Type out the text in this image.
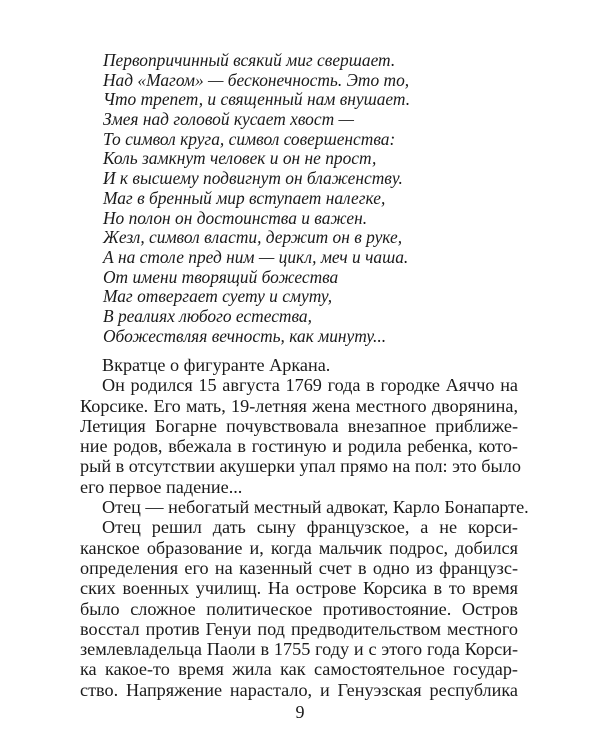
Первопричинный всякий миг свершает.
Над «Магом» — бесконечность. Это то,
Что трепет, и священный нам внушает.
Змея над головой кусает хвост —
То символ круга, символ совершенства:
Коль замкнут человек и он не прост,
И к высшему подвигнут он блаженству.
Маг в бренный мир вступает налегке,
Но полон он достоинства и важен.
Жезл, символ власти, держит он в руке,
А на столе пред ним — цикл, меч и чаша.
От имени творящий божества
Маг отвергает суету и смуту,
В реалиях любого естества,
Обожествляя вечность, как минуту...
Вкратце о фигуранте Аркана.
Он родился 15 августа 1769 года в городке Аяччо на
Корсике. Его мать, 19-летняя жена местного дворянина,
Летиция Богарне почувствовала внезапное приближе-
ние родов, вбежала в гостиную и родила ребенка, кото-
рый в отсутствии акушерки упал прямо на пол: это было
его первое падение...
Отец — небогатый местный адвокат, Карло Бонапарте.
Отец решил дать сыну французское, а не корси-
канское образование и, когда мальчик подрос, добился
определения его на казенный счет в одно из французс-
ских военных училищ. На острове Корсика в то время
было сложное политическое противостояние. Остров
восстал против Генуи под предводительством местного
землевладельца Паоли в 1755 году и с этого года Корси-
ка какое-то время жила как самостоятельное государ-
ство. Напряжение нарастало, и Генуэзская республика
9
